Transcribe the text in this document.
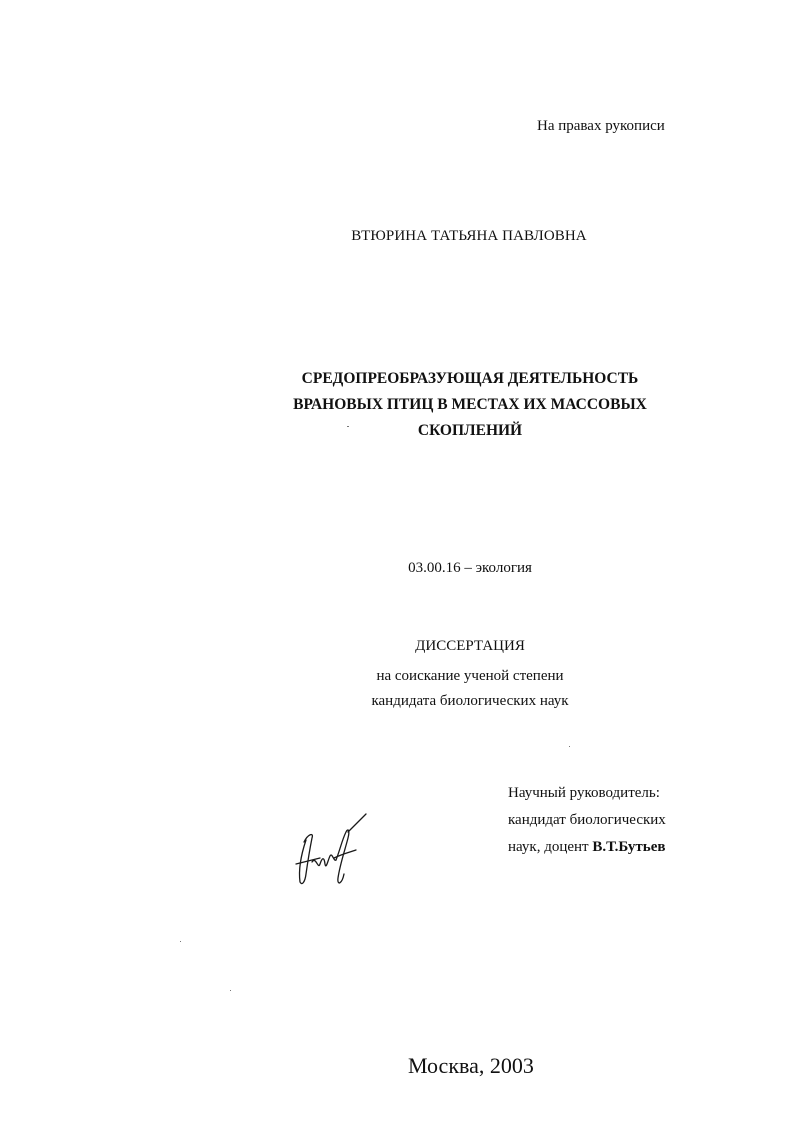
На правах рукописи
ВТЮРИНА ТАТЬЯНА ПАВЛОВНА
СРЕДОПРЕОБРАЗУЮЩАЯ ДЕЯТЕЛЬНОСТЬ
ВРАНОВЫХ ПТИЦ В МЕСТАХ ИХ МАССОВЫХ
СКОПЛЕНИЙ
03.00.16 – экология
ДИССЕРТАЦИЯ
на соискание ученой степени
кандидата биологических наук
Научный руководитель:
кандидат биологических
наук, доцент В.Т.Бутьев
Москва, 2003
